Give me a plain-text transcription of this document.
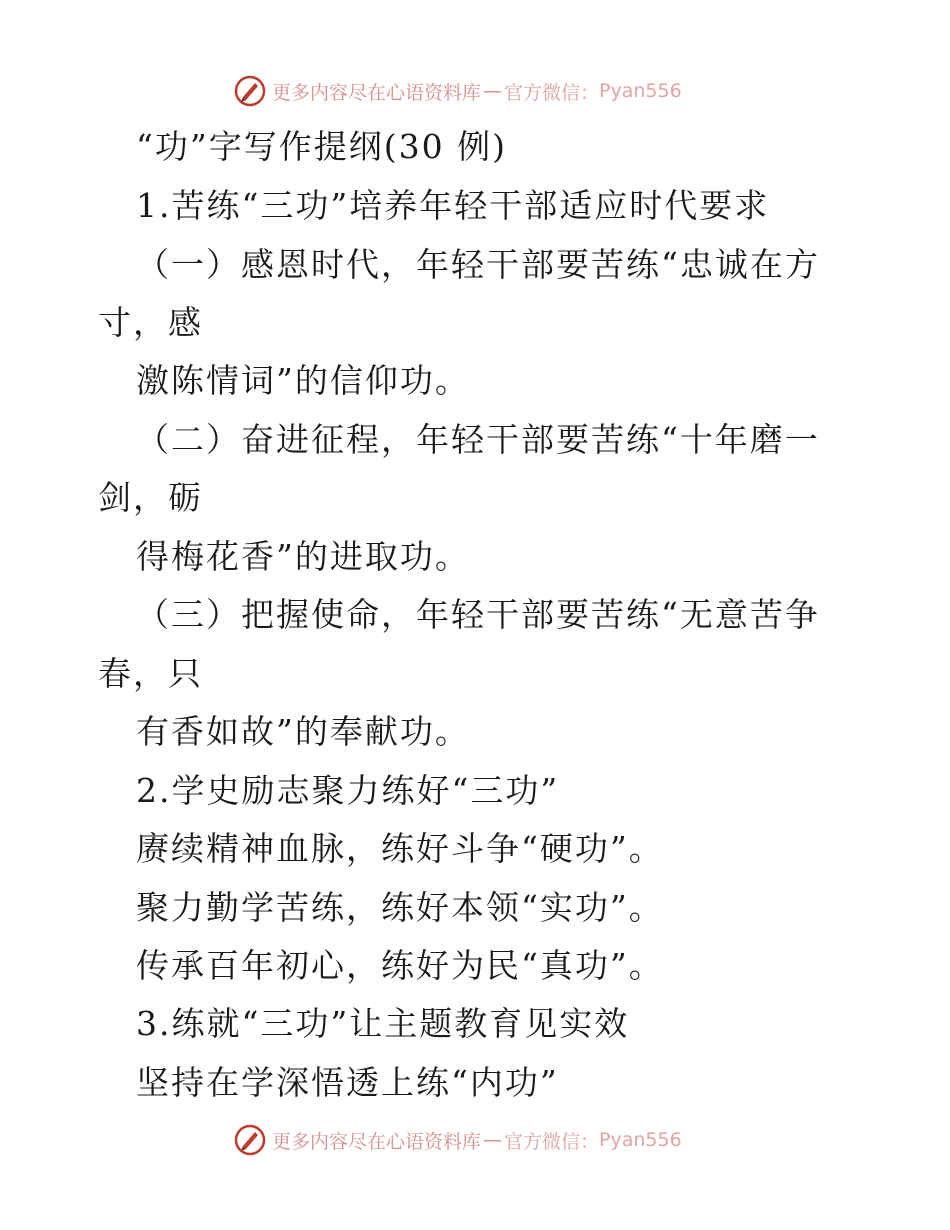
更多内容尽在心语资料库 — 官方微信： Pyan556
“功”字写作提纲(30 例)
1.苦练“三功”培养年轻干部适应时代要求
（一）感恩时代，年轻干部要苦练“忠诚在方
寸，感
激陈情词”的信仰功。
（二）奋进征程，年轻干部要苦练“十年磨一
剑，砺
得梅花香”的进取功。
（三）把握使命，年轻干部要苦练“无意苦争
春，只
有香如故”的奉献功。
2.学史励志聚力练好“三功”
赓续精神血脉，练好斗争“硬功”。
聚力勤学苦练，练好本领“实功”。
传承百年初心，练好为民“真功”。
3.练就“三功”让主题教育见实效
坚持在学深悟透上练“内功”
更多内容尽在心语资料库 — 官方微信： Pyan556
